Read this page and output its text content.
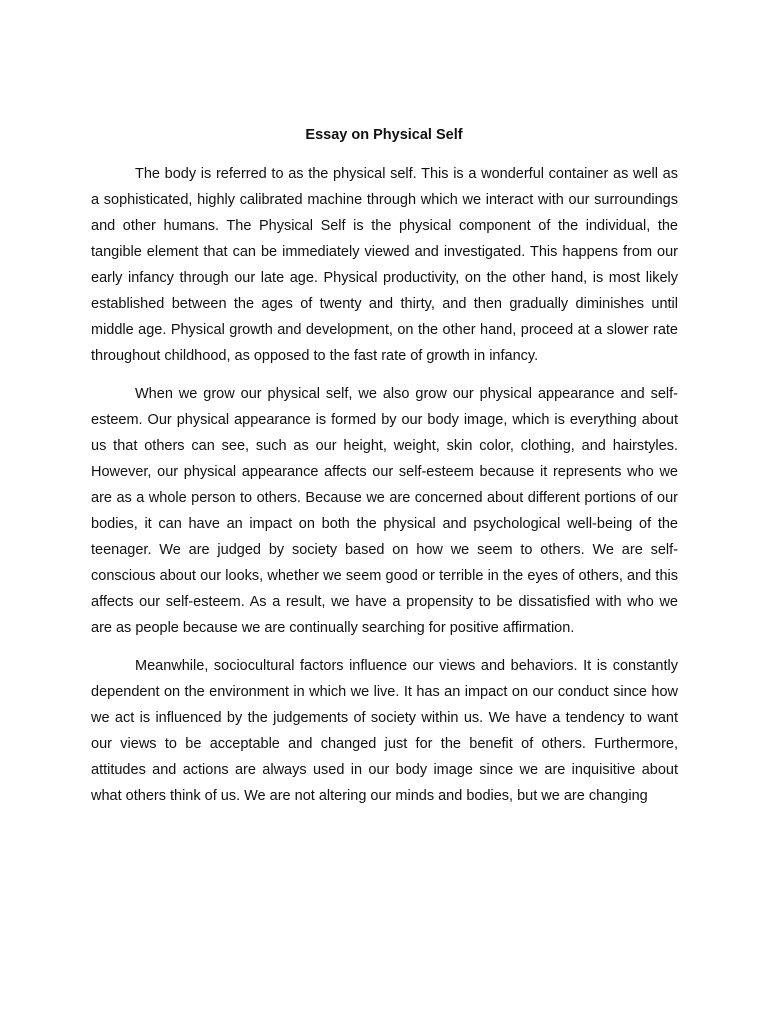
Essay on Physical Self

The body is referred to as the physical self. This is a wonderful container as well as a sophisticated, highly calibrated machine through which we interact with our surroundings and other humans. The Physical Self is the physical component of the individual, the tangible element that can be immediately viewed and investigated. This happens from our early infancy through our late age. Physical productivity, on the other hand, is most likely established between the ages of twenty and thirty, and then gradually diminishes until middle age. Physical growth and development, on the other hand, proceed at a slower rate throughout childhood, as opposed to the fast rate of growth in infancy.

When we grow our physical self, we also grow our physical appearance and self-esteem. Our physical appearance is formed by our body image, which is everything about us that others can see, such as our height, weight, skin color, clothing, and hairstyles. However, our physical appearance affects our self-esteem because it represents who we are as a whole person to others. Because we are concerned about different portions of our bodies, it can have an impact on both the physical and psychological well-being of the teenager. We are judged by society based on how we seem to others. We are self-conscious about our looks, whether we seem good or terrible in the eyes of others, and this affects our self-esteem. As a result, we have a propensity to be dissatisfied with who we are as people because we are continually searching for positive affirmation.

Meanwhile, sociocultural factors influence our views and behaviors. It is constantly dependent on the environment in which we live. It has an impact on our conduct since how we act is influenced by the judgements of society within us. We have a tendency to want our views to be acceptable and changed just for the benefit of others. Furthermore, attitudes and actions are always used in our body image since we are inquisitive about what others think of us. We are not altering our minds and bodies, but we are changing
